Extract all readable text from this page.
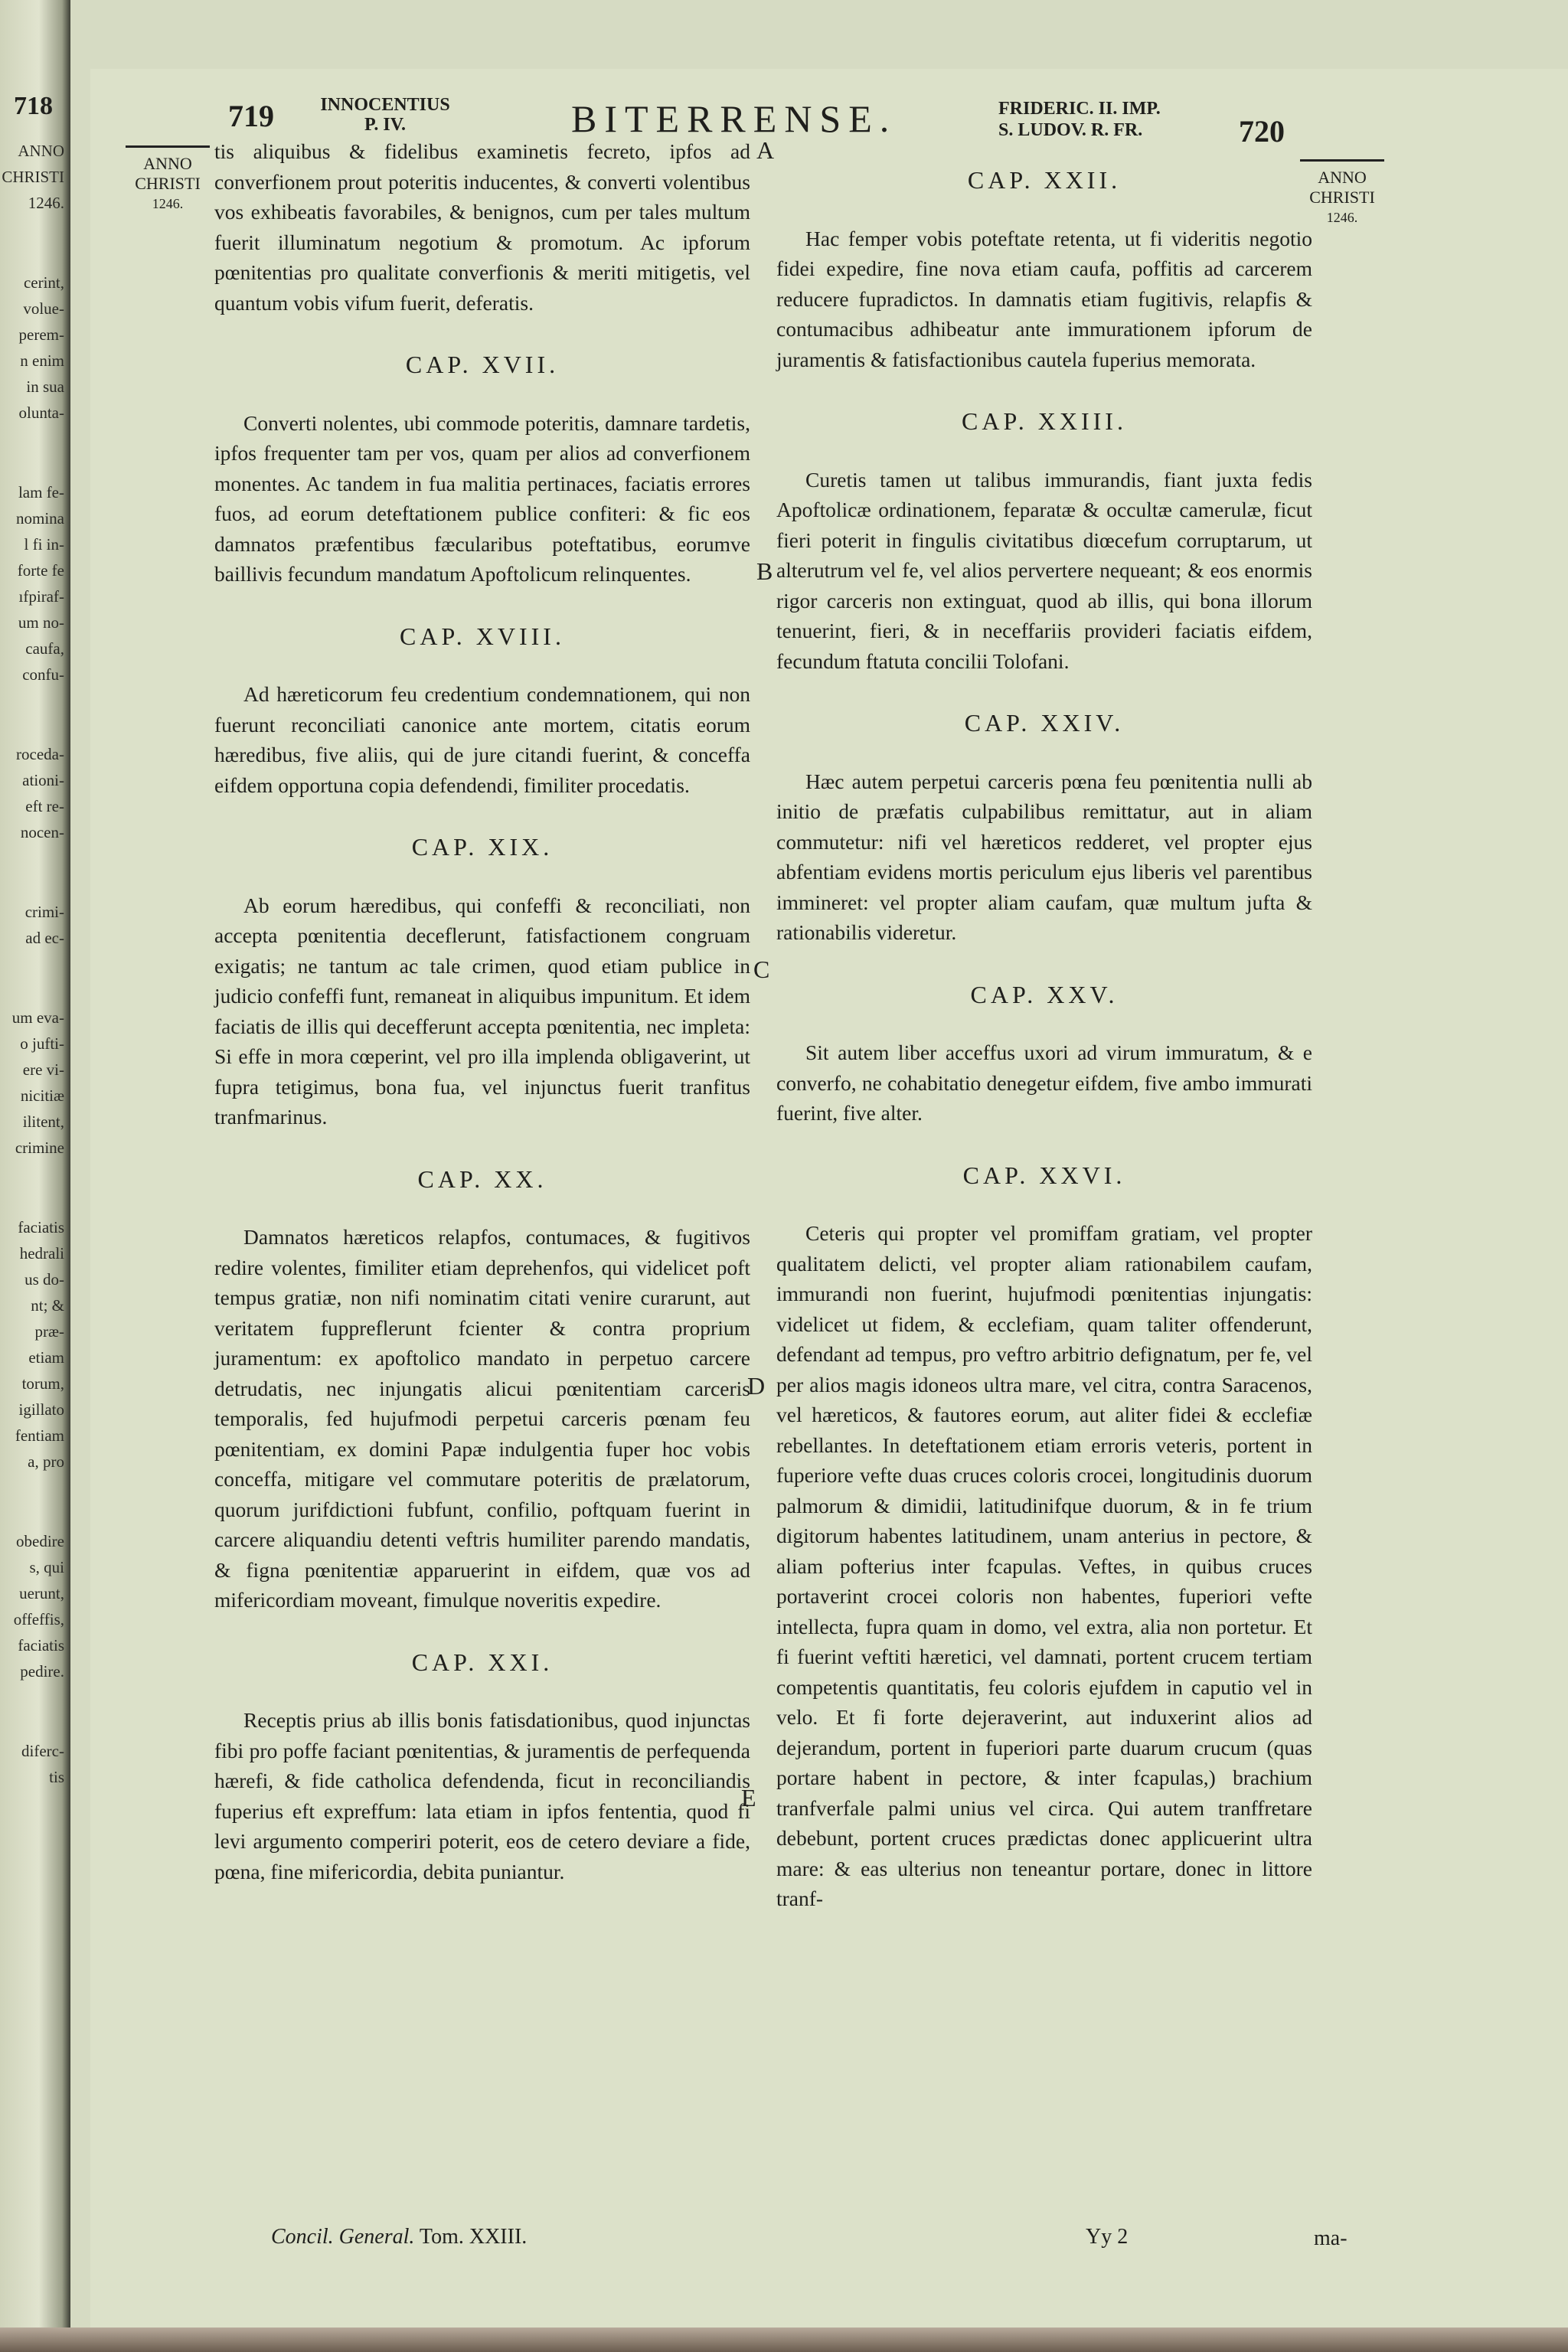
718
ANNO
CHRISTI
1246.
cerint,
volue-
perem-
n enim
in sua
olunta-
lam fe-
nomina
l fi in-
forte fe
ıfpiraf-
um no-
caufa,
confu-
roceda-
ationi-
eft re-
nocen-
crimi-
ad ec-
um eva-
o jufti-
ere vi-
nicitiæ
ilitent,
crimine
faciatis
hedrali
us do-
nt; &
præ-
etiam
torum,
igillato
fentiam
a, pro
obedire
s, qui
uerunt,
offeffis,
faciatis
pedire.
diferc-
tis
719	INNOCENTIUS
P. IV.	BITERRENSE.	FRIDERIC. II. IMP.
S. LUDOV. R. FR.	720
ANNO
CHRISTI
1246.
ANNO
CHRISTI
1246.
A
B
C
D
E

tis aliquibus & fidelibus examinetis fecreto, ipfos ad converfionem prout poteritis inducentes, & converti volentibus vos exhibeatis favorabiles, & benignos, cum per tales multum fuerit illuminatum negotium & promotum. Ac ipforum pœnitentias pro qualitate converfionis & meriti mitigetis, vel quantum vobis vifum fuerit, deferatis.

CAP. XVII.

Converti nolentes, ubi commode poteritis, damnare tardetis, ipfos frequenter tam per vos, quam per alios ad converfionem monentes. Ac tandem in fua malitia pertinaces, faciatis errores fuos, ad eorum deteftationem publice confiteri: & fic eos damnatos præfentibus fæcularibus poteftatibus, eorumve baillivis fecundum mandatum Apoftolicum relinquentes.

CAP. XVIII.

Ad hæreticorum feu credentium condemnationem, qui non fuerunt reconciliati canonice ante mortem, citatis eorum hæredibus, five aliis, qui de jure citandi fuerint, & conceffa eifdem opportuna copia defendendi, fimiliter procedatis.

CAP. XIX.

Ab eorum hæredibus, qui confeffi & reconciliati, non accepta pœnitentia deceflerunt, fatisfactionem congruam exigatis; ne tantum ac tale crimen, quod etiam publice in judicio confeffi funt, remaneat in aliquibus impunitum. Et idem faciatis de illis qui decefferunt accepta pœnitentia, nec impleta: Si effe in mora cœperint, vel pro illa implenda obligaverint, ut fupra tetigimus, bona fua, vel injunctus fuerit tranfitus tranfmarinus.

CAP. XX.

Damnatos hæreticos relapfos, contumaces, & fugitivos redire volentes, fimiliter etiam deprehenfos, qui videlicet poft tempus gratiæ, non nifi nominatim citati venire curarunt, aut veritatem fuppreflerunt fcienter & contra proprium juramentum: ex apoftolico mandato in perpetuo carcere detrudatis, nec injungatis alicui pœnitentiam carceris temporalis, fed hujufmodi perpetui carceris pœnam feu pœnitentiam, ex domini Papæ indulgentia fuper hoc vobis conceffa, mitigare vel commutare poteritis de prælatorum, quorum jurifdictioni fubfunt, confilio, poftquam fuerint in carcere aliquandiu detenti veftris humiliter parendo mandatis, & figna pœnitentiæ apparuerint in eifdem, quæ vos ad mifericordiam moveant, fimulque noveritis expedire.

CAP. XXI.

Receptis prius ab illis bonis fatisdationibus, quod injunctas fibi pro poffe faciant pœnitentias, & juramentis de perfequenda hærefi, & fide catholica defendenda, ficut in reconciliandis fuperius eft expreffum: lata etiam in ipfos fententia, quod fi levi argumento comperiri poterit, eos de cetero deviare a fide, pœna, fine mifericordia, debita puniantur.

CAP. XXII.

Hac femper vobis poteftate retenta, ut fi videritis negotio fidei expedire, fine nova etiam caufa, poffitis ad carcerem reducere fupradictos. In damnatis etiam fugitivis, relapfis & contumacibus adhibeatur ante immurationem ipforum de juramentis & fatisfactionibus cautela fuperius memorata.

CAP. XXIII.

Curetis tamen ut talibus immurandis, fiant juxta fedis Apoftolicæ ordinationem, feparatæ & occultæ camerulæ, ficut fieri poterit in fingulis civitatibus diœcefum corruptarum, ut alterutrum vel fe, vel alios pervertere nequeant; & eos enormis rigor carceris non extinguat, quod ab illis, qui bona illorum tenuerint, fieri, & in neceffariis provideri faciatis eifdem, fecundum ftatuta concilii Tolofani.

CAP. XXIV.

Hæc autem perpetui carceris pœna feu pœnitentia nulli ab initio de præfatis culpabilibus remittatur, aut in aliam commutetur: nifi vel hæreticos redderet, vel propter ejus abfentiam evidens mortis periculum ejus liberis vel parentibus immineret: vel propter aliam caufam, quæ multum jufta & rationabilis videretur.

CAP. XXV.

Sit autem liber acceffus uxori ad virum immuratum, & e converfo, ne cohabitatio denegetur eifdem, five ambo immurati fuerint, five alter.

CAP. XXVI.

Ceteris qui propter vel promiffam gratiam, vel propter qualitatem delicti, vel propter aliam rationabilem caufam, immurandi non fuerint, hujufmodi pœnitentias injungatis: videlicet ut fidem, & ecclefiam, quam taliter offenderunt, defendant ad tempus, pro veftro arbitrio defignatum, per fe, vel per alios magis idoneos ultra mare, vel citra, contra Saracenos, vel hæreticos, & fautores eorum, aut aliter fidei & ecclefiæ rebellantes. In deteftationem etiam erroris veteris, portent in fuperiore vefte duas cruces coloris crocei, longitudinis duorum palmorum & dimidii, latitudinifque duorum, & in fe trium digitorum habentes latitudinem, unam anterius in pectore, & aliam pofterius inter fcapulas. Veftes, in quibus cruces portaverint crocei coloris non habentes, fuperiori vefte intellecta, fupra quam in domo, vel extra, alia non portetur. Et fi fuerint veftiti hæretici, vel damnati, portent crucem tertiam competentis quantitatis, feu coloris ejufdem in caputio vel in velo. Et fi forte dejeraverint, aut induxerint alios ad dejerandum, portent in fuperiori parte duarum crucum (quas portare habent in pectore, & inter fcapulas,) brachium tranfverfale palmi unius vel circa. Qui autem tranffretare debebunt, portent cruces prædictas donec applicuerint ultra mare: & eas ulterius non teneantur portare, donec in littore tranf-

Concil. General. Tom. XXIII.	Yy 2	ma-
